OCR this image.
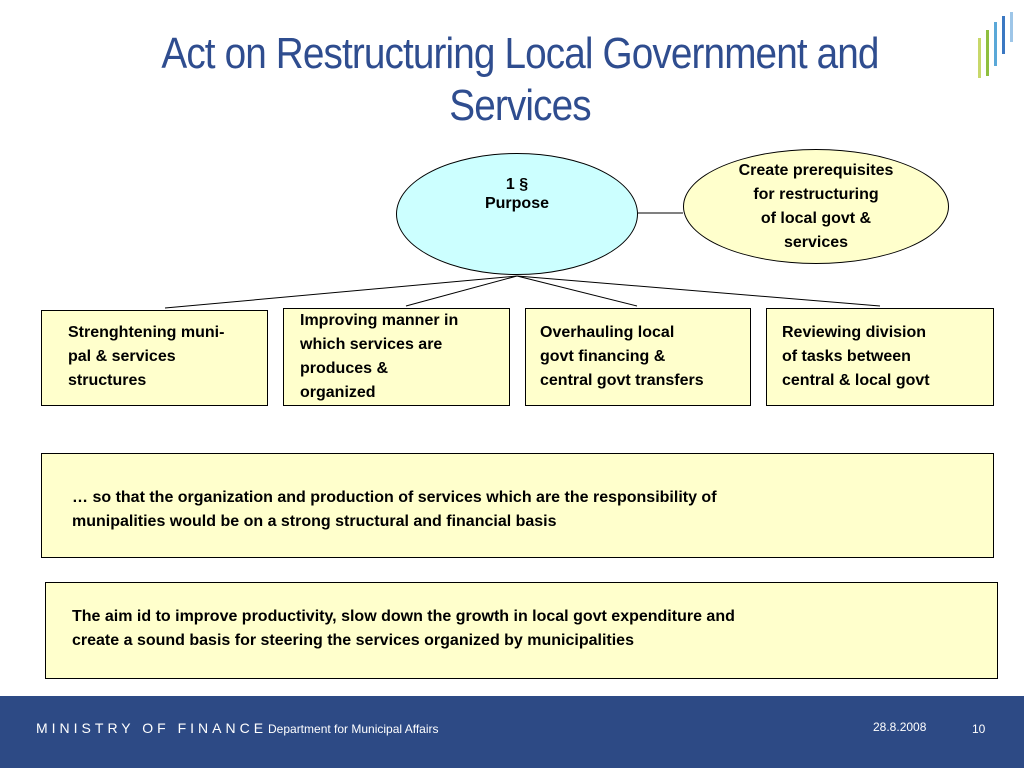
Act on Restructuring Local Government and
Services
1 §
Purpose
Create prerequisites
for restructuring
of local govt &
services
Strenghtening muni-
pal & services
structures
Improving manner in
which services are
produces &
organized
Overhauling local
govt financing &
central govt transfers
Reviewing division
of tasks between
central & local govt
… so that the organization and production of services which are the responsibility of
munipalities would be on a strong structural and financial basis
The aim id to improve productivity, slow down the growth in local govt expenditure and
create a sound basis for steering the services organized by municipalities
MINISTRY OF FINANCE Department for Municipal Affairs	28.8.2008	10
